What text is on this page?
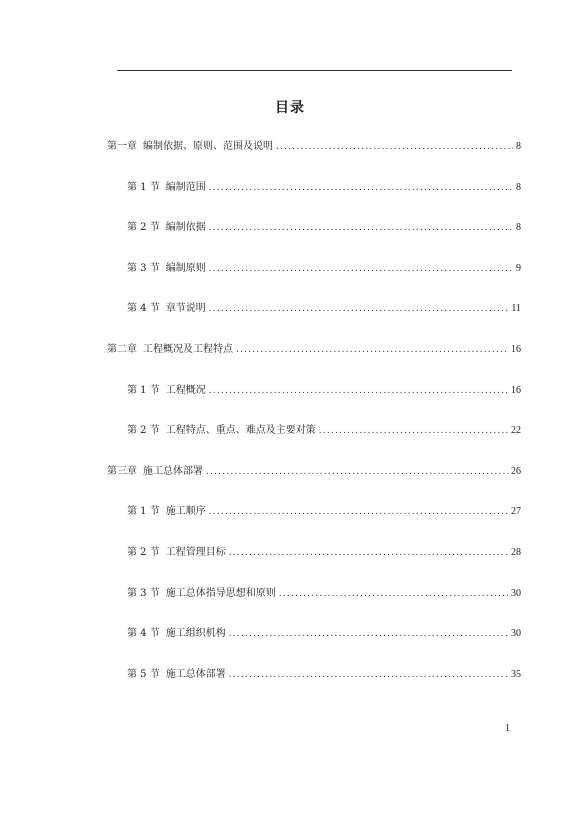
目录
第一章 编制依据、原则、范围及说明 .....	8
第 1 节 编制范围 .....	8
第 2 节 编制依据 .....	8
第 3 节 编制原则 .....	9
第 4 节 章节说明 .....	11
第二章 工程概况及工程特点 .....	16
第 1 节 工程概况 .....	16
第 2 节 工程特点、重点、难点及主要对策 .....	22
第三章 施工总体部署 .....	26
第 1 节 施工顺序 .....	27
第 2 节 工程管理目标 .....	28
第 3 节 施工总体指导思想和原则 .....	30
第 4 节 施工组织机构 .....	30
第 5 节 施工总体部署 .....	35
1
